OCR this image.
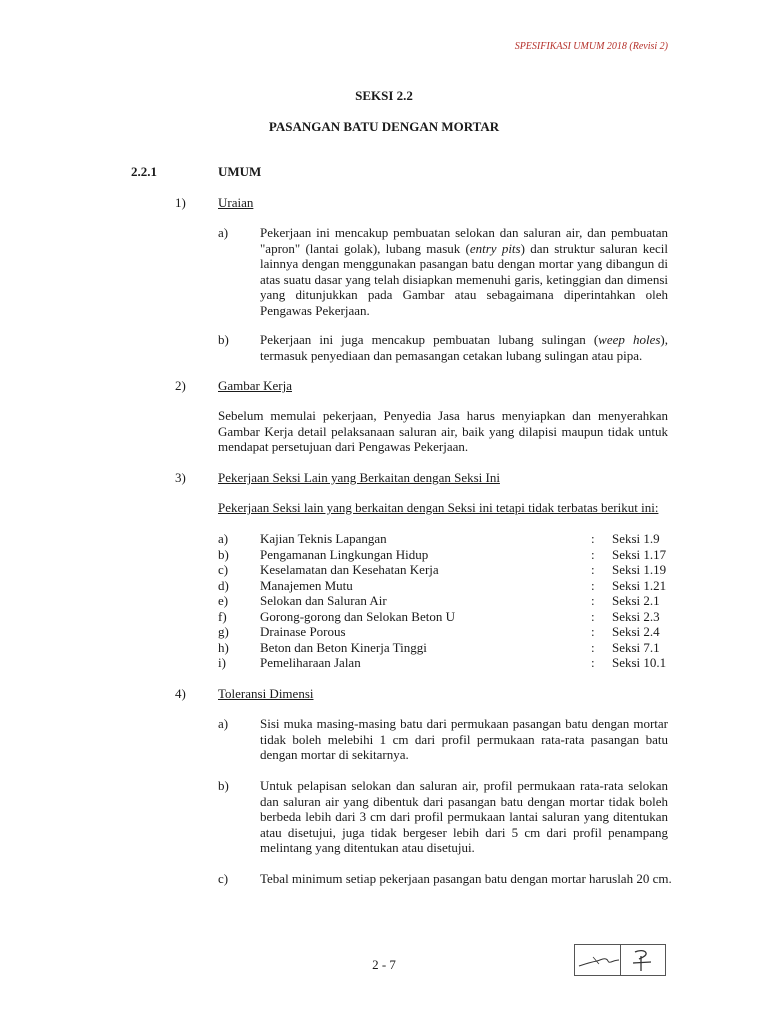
SPESIFIKASI UMUM 2018 (Revisi 2)
SEKSI 2.2
PASANGAN BATU DENGAN MORTAR
2.2.1	UMUM
1) Uraian
a) Pekerjaan ini mencakup pembuatan selokan dan saluran air, dan pembuatan "apron" (lantai golak), lubang masuk (entry pits) dan struktur saluran kecil lainnya dengan menggunakan pasangan batu dengan mortar yang dibangun di atas suatu dasar yang telah disiapkan memenuhi garis, ketinggian dan dimensi yang ditunjukkan pada Gambar atau sebagaimana diperintahkan oleh Pengawas Pekerjaan.
b) Pekerjaan ini juga mencakup pembuatan lubang sulingan (weep holes), termasuk penyediaan dan pemasangan cetakan lubang sulingan atau pipa.
2) Gambar Kerja
Sebelum memulai pekerjaan, Penyedia Jasa harus menyiapkan dan menyerahkan Gambar Kerja detail pelaksanaan saluran air, baik yang dilapisi maupun tidak untuk mendapat persetujuan dari Pengawas Pekerjaan.
3) Pekerjaan Seksi Lain yang Berkaitan dengan Seksi Ini
Pekerjaan Seksi lain yang berkaitan dengan Seksi ini tetapi tidak terbatas berikut ini:
a) Kajian Teknis Lapangan	: Seksi 1.9
b) Pengamanan Lingkungan Hidup	: Seksi 1.17
c) Keselamatan dan Kesehatan Kerja	: Seksi 1.19
d) Manajemen Mutu	: Seksi 1.21
e) Selokan dan Saluran Air	: Seksi 2.1
f)	Gorong-gorong dan Selokan Beton U	: Seksi 2.3
g) Drainase Porous	: Seksi 2.4
h) Beton dan Beton Kinerja Tinggi	: Seksi 7.1
i)	Pemeliharaan Jalan	: Seksi 10.1
4) Toleransi Dimensi
a) Sisi muka masing-masing batu dari permukaan pasangan batu dengan mortar tidak boleh melebihi 1 cm dari profil permukaan rata-rata pasangan batu dengan mortar di sekitarnya.
b) Untuk pelapisan selokan dan saluran air, profil permukaan rata-rata selokan dan saluran air yang dibentuk dari pasangan batu dengan mortar tidak boleh berbeda lebih dari 3 cm dari profil permukaan lantai saluran yang ditentukan atau disetujui, juga tidak bergeser lebih dari 5 cm dari profil penampang melintang yang ditentukan atau disetujui.
c) Tebal minimum setiap pekerjaan pasangan batu dengan mortar haruslah 20 cm.
2 - 7
